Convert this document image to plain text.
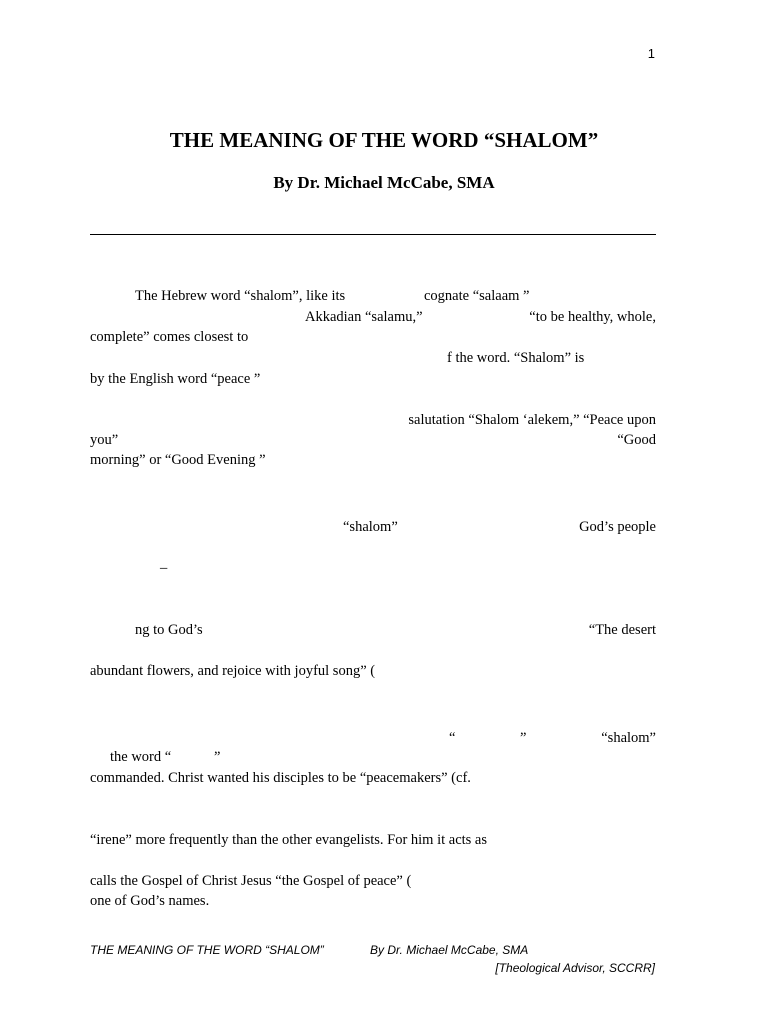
1
THE MEANING OF THE WORD “SHALOM”
By Dr. Michael McCabe, SMA
The Hebrew word “shalom”, like its	cognate “salaam ”
Akkadian “salamu,”	“to be healthy, whole,
complete” comes closest to
f the word. “Shalom” is
by the English word “peace ”
salutation “Shalom ‘alekem,” “Peace upon
you”	“Good
morning” or “Good Evening ”
“shalom”	God’s people
–
ng to God’s	“The desert
abundant flowers, and rejoice with joyful song” (
“	”	“shalom”
the word “	”
commanded. Christ wanted his disciples to be “peacemakers” (cf.
“irene” more frequently than the other evangelists. For him it acts as
calls the Gospel of Christ Jesus “the Gospel of peace” (
one of God’s names.
THE MEANING OF THE WORD “SHALOM”	By Dr. Michael McCabe, SMA
[Theological Advisor, SCCRR]
